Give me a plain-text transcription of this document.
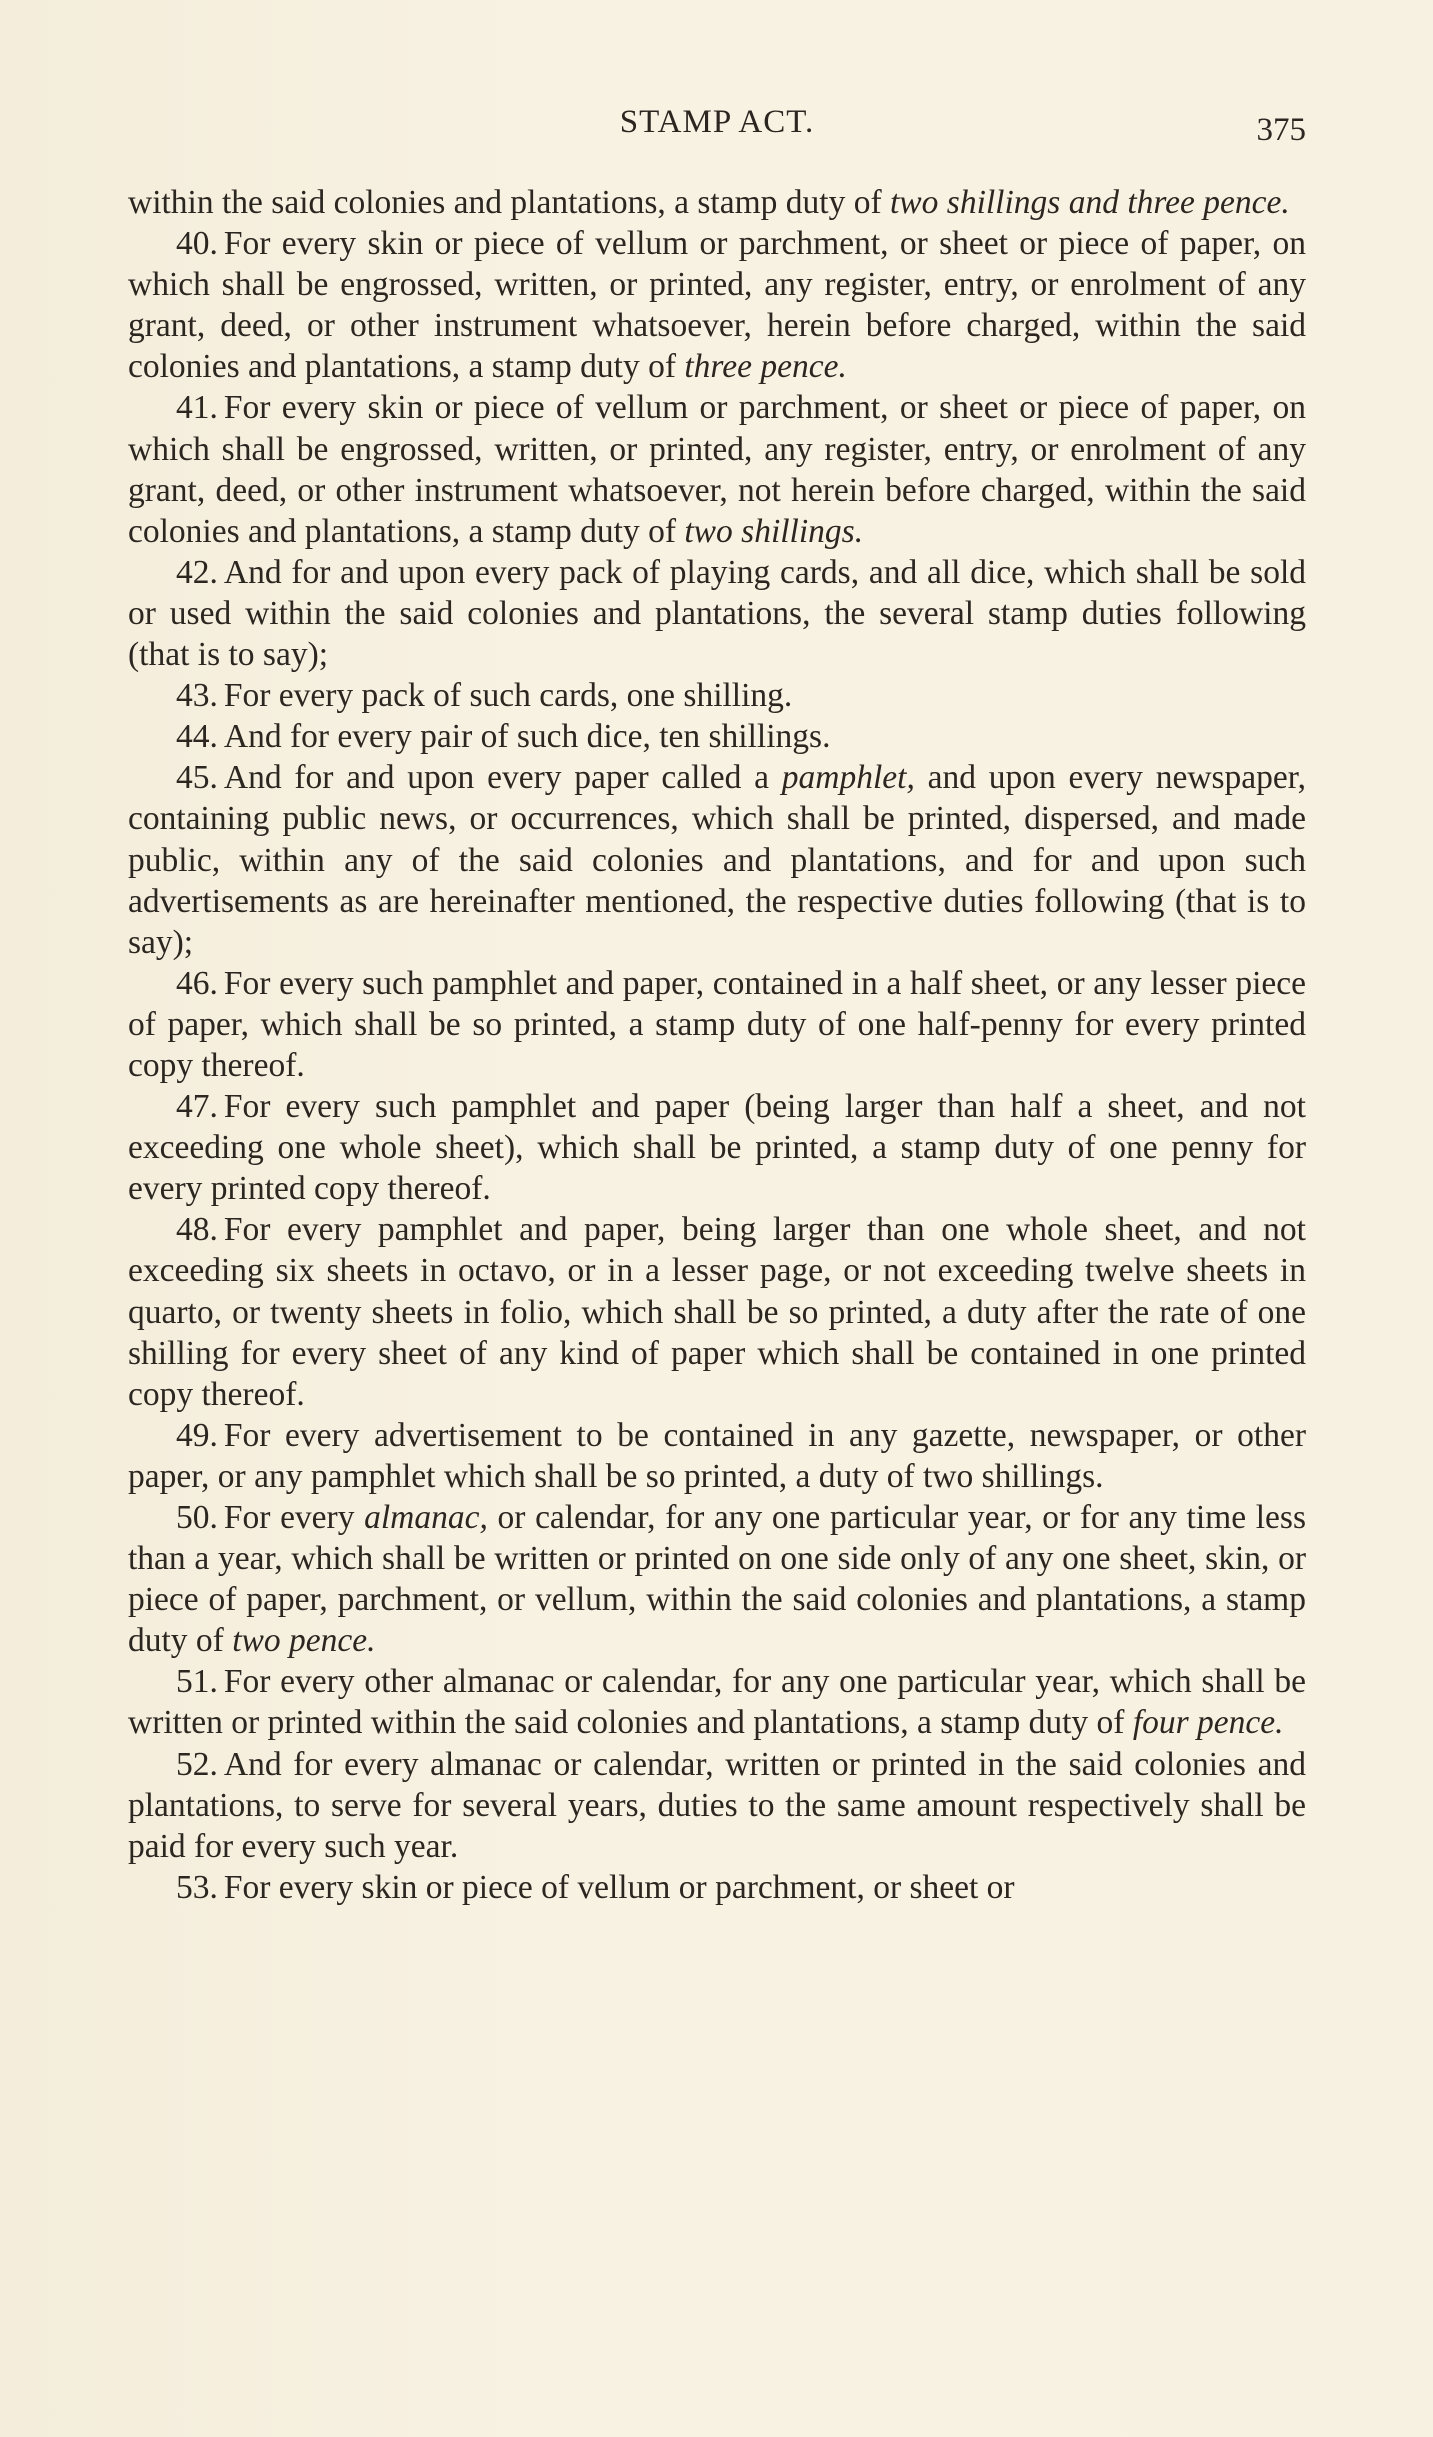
STAMP ACT.	375

within the said colonies and plantations, a stamp duty of two shillings and three pence.

40. For every skin or piece of vellum or parchment, or sheet or piece of paper, on which shall be engrossed, written, or printed, any register, entry, or enrolment of any grant, deed, or other instrument whatsoever, herein before charged, within the said colonies and plantations, a stamp duty of three pence.

41. For every skin or piece of vellum or parchment, or sheet or piece of paper, on which shall be engrossed, written, or printed, any register, entry, or enrolment of any grant, deed, or other instrument whatsoever, not herein before charged, within the said colonies and plantations, a stamp duty of two shillings.

42. And for and upon every pack of playing cards, and all dice, which shall be sold or used within the said colonies and plantations, the several stamp duties following (that is to say);

43. For every pack of such cards, one shilling.

44. And for every pair of such dice, ten shillings.

45. And for and upon every paper called a pamphlet, and upon every newspaper, containing public news, or occurrences, which shall be printed, dispersed, and made public, within any of the said colonies and plantations, and for and upon such advertisements as are hereinafter mentioned, the respective duties following (that is to say);

46. For every such pamphlet and paper, contained in a half sheet, or any lesser piece of paper, which shall be so printed, a stamp duty of one half-penny for every printed copy thereof.

47. For every such pamphlet and paper (being larger than half a sheet, and not exceeding one whole sheet), which shall be printed, a stamp duty of one penny for every printed copy thereof.

48. For every pamphlet and paper, being larger than one whole sheet, and not exceeding six sheets in octavo, or in a lesser page, or not exceeding twelve sheets in quarto, or twenty sheets in folio, which shall be so printed, a duty after the rate of one shilling for every sheet of any kind of paper which shall be contained in one printed copy thereof.

49. For every advertisement to be contained in any gazette, newspaper, or other paper, or any pamphlet which shall be so printed, a duty of two shillings.

50. For every almanac, or calendar, for any one particular year, or for any time less than a year, which shall be written or printed on one side only of any one sheet, skin, or piece of paper, parchment, or vellum, within the said colonies and plantations, a stamp duty of two pence.

51. For every other almanac or calendar, for any one particular year, which shall be written or printed within the said colonies and plantations, a stamp duty of four pence.

52. And for every almanac or calendar, written or printed in the said colonies and plantations, to serve for several years, duties to the same amount respectively shall be paid for every such year.

53. For every skin or piece of vellum or parchment, or sheet or
